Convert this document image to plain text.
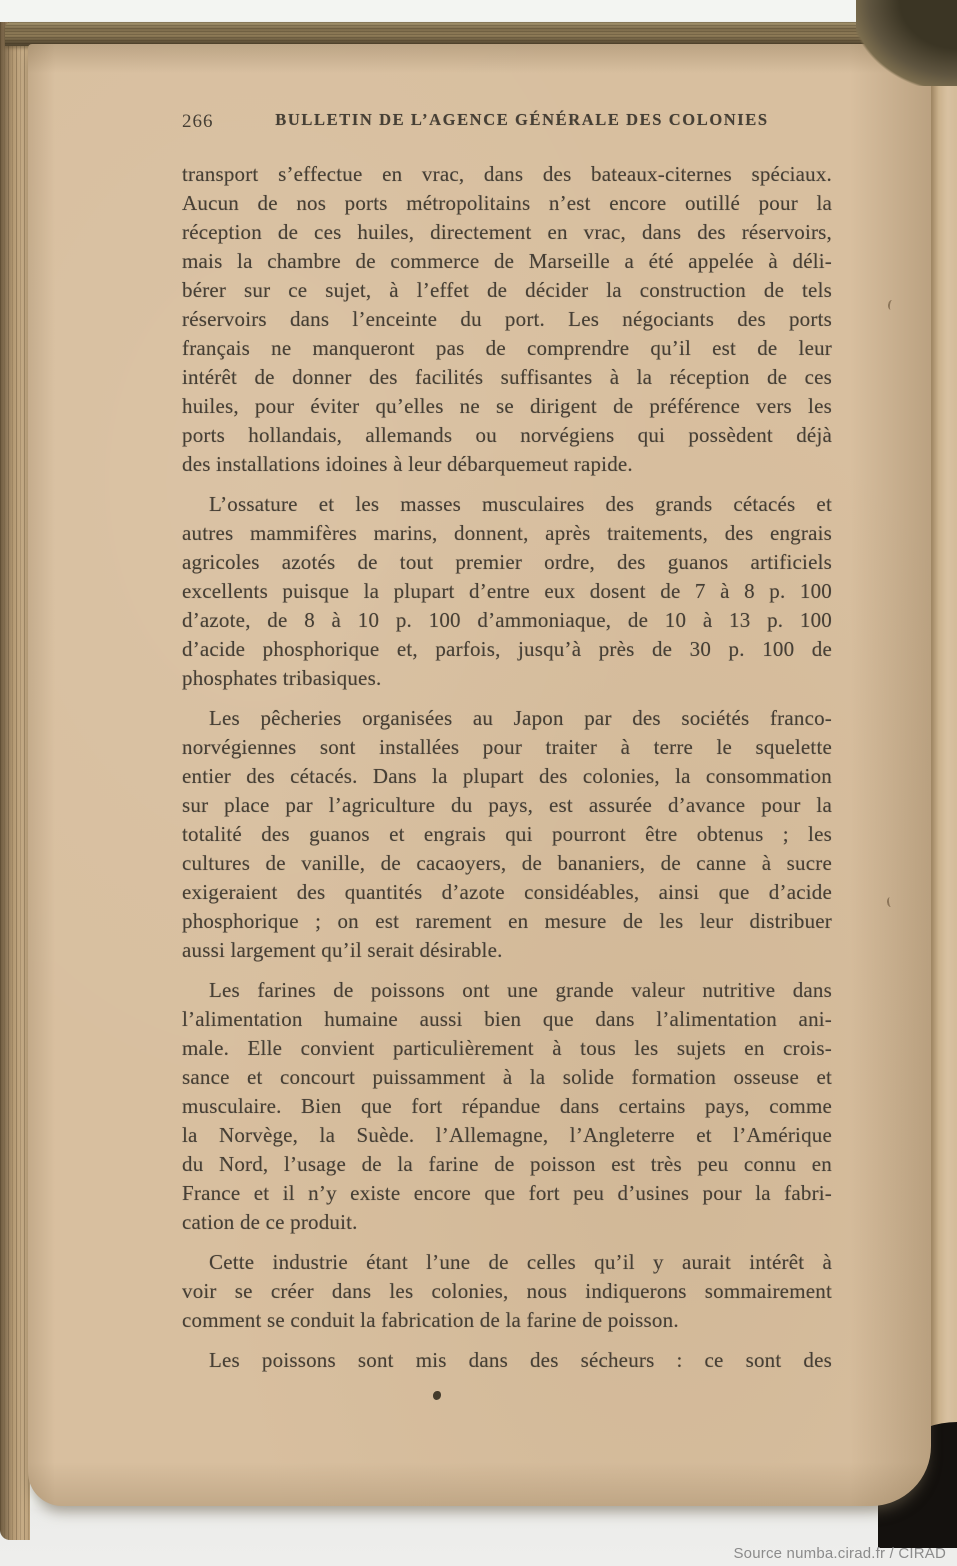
266	BULLETIN DE L’AGENCE GÉNÉRALE DES COLONIES
transport s’effectue en vrac, dans des bateaux-citernes spéciaux.
Aucun de nos ports métropolitains n’est encore outillé pour la
réception de ces huiles, directement en vrac, dans des réservoirs,
mais la chambre de commerce de Marseille a été appelée à déli-
bérer sur ce sujet, à l’effet de décider la construction de tels
réservoirs dans l’enceinte du port. Les négociants des ports
français ne manqueront pas de comprendre qu’il est de leur
intérêt de donner des facilités suffisantes à la réception de ces
huiles, pour éviter qu’elles ne se dirigent de préférence vers les
ports hollandais, allemands ou norvégiens qui possèdent déjà
des installations idoines à leur débarquemeut rapide.
L’ossature et les masses musculaires des grands cétacés et
autres mammifères marins, donnent, après traitements, des engrais
agricoles azotés de tout premier ordre, des guanos artificiels
excellents puisque la plupart d’entre eux dosent de 7 à 8 p. 100
d’azote, de 8 à 10 p. 100 d’ammoniaque, de 10 à 13 p. 100
d’acide phosphorique et, parfois, jusqu’à près de 30 p. 100 de
phosphates tribasiques.
Les pêcheries organisées au Japon par des sociétés franco-
norvégiennes sont installées pour traiter à terre le squelette
entier des cétacés. Dans la plupart des colonies, la consommation
sur place par l’agriculture du pays, est assurée d’avance pour la
totalité des guanos et engrais qui pourront être obtenus ; les
cultures de vanille, de cacaoyers, de bananiers, de canne à sucre
exigeraient des quantités d’azote considéables, ainsi que d’acide
phosphorique ; on est rarement en mesure de les leur distribuer
aussi largement qu’il serait désirable.
Les farines de poissons ont une grande valeur nutritive dans
l’alimentation humaine aussi bien que dans l’alimentation ani-
male. Elle convient particulièrement à tous les sujets en crois-
sance et concourt puissamment à la solide formation osseuse et
musculaire. Bien que fort répandue dans certains pays, comme
la Norvège, la Suède. l’Allemagne, l’Angleterre et l’Amérique
du Nord, l’usage de la farine de poisson est très peu connu en
France et il n’y existe encore que fort peu d’usines pour la fabri-
cation de ce produit.
Cette industrie étant l’une de celles qu’il y aurait intérêt à
voir se créer dans les colonies, nous indiquerons sommairement
comment se conduit la fabrication de la farine de poisson.
Les poissons sont mis dans des sécheurs : ce sont des
Source numba.cirad.fr / CIRAD
